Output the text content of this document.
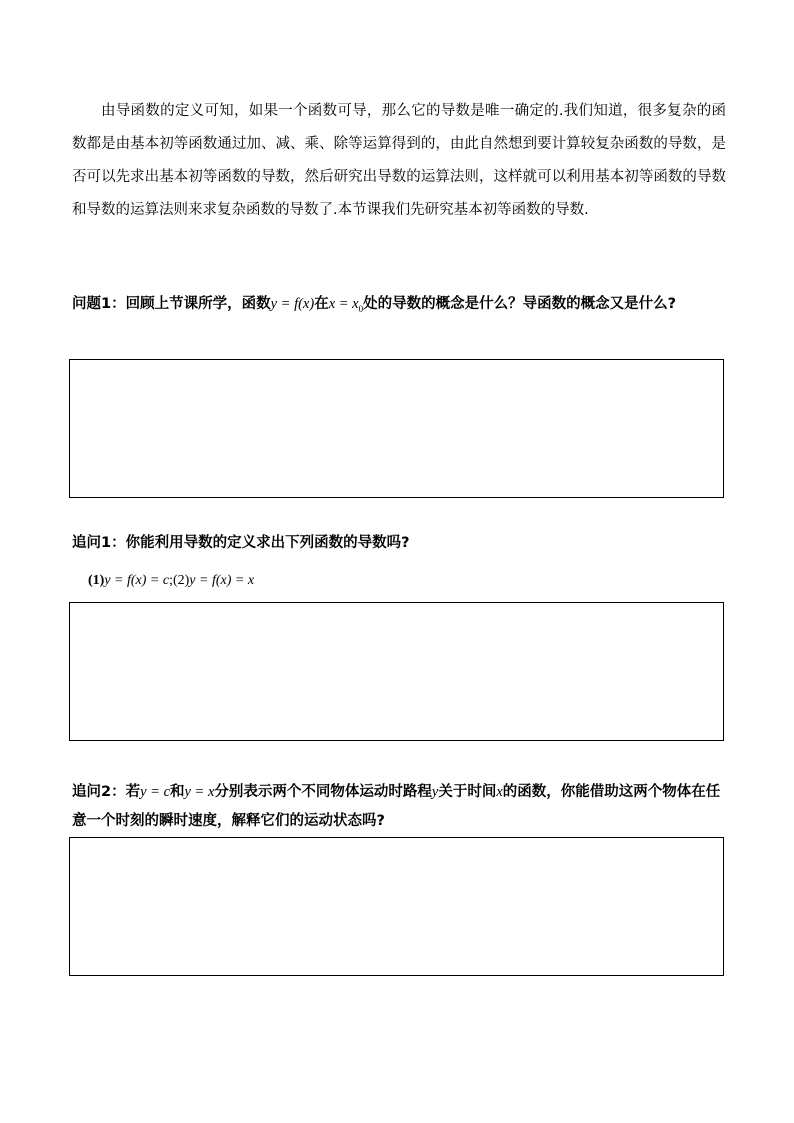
由导函数的定义可知，如果一个函数可导，那么它的导数是唯一确定的.我们知道，很多复杂的函数都是由基本初等函数通过加、减、乘、除等运算得到的，由此自然想到要计算较复杂函数的导数，是否可以先求出基本初等函数的导数，然后研究出导数的运算法则，这样就可以利用基本初等函数的导数和导数的运算法则来求复杂函数的导数了.本节课我们先研究基本初等函数的导数.

问题1：回顾上节课所学，函数y = f(x)在$x = x_0$处的导数的概念是什么？导函数的概念又是什么?
追问1：你能利用导数的定义求出下列函数的导数吗?
(1)y = f(x) = c;(2)y = f(x) = x
追问2：若y = c和y = x分别表示两个不同物体运动时路程y关于时间x的函数，你能借助这两个物体在任意一个时刻的瞬时速度，解释它们的运动状态吗?
